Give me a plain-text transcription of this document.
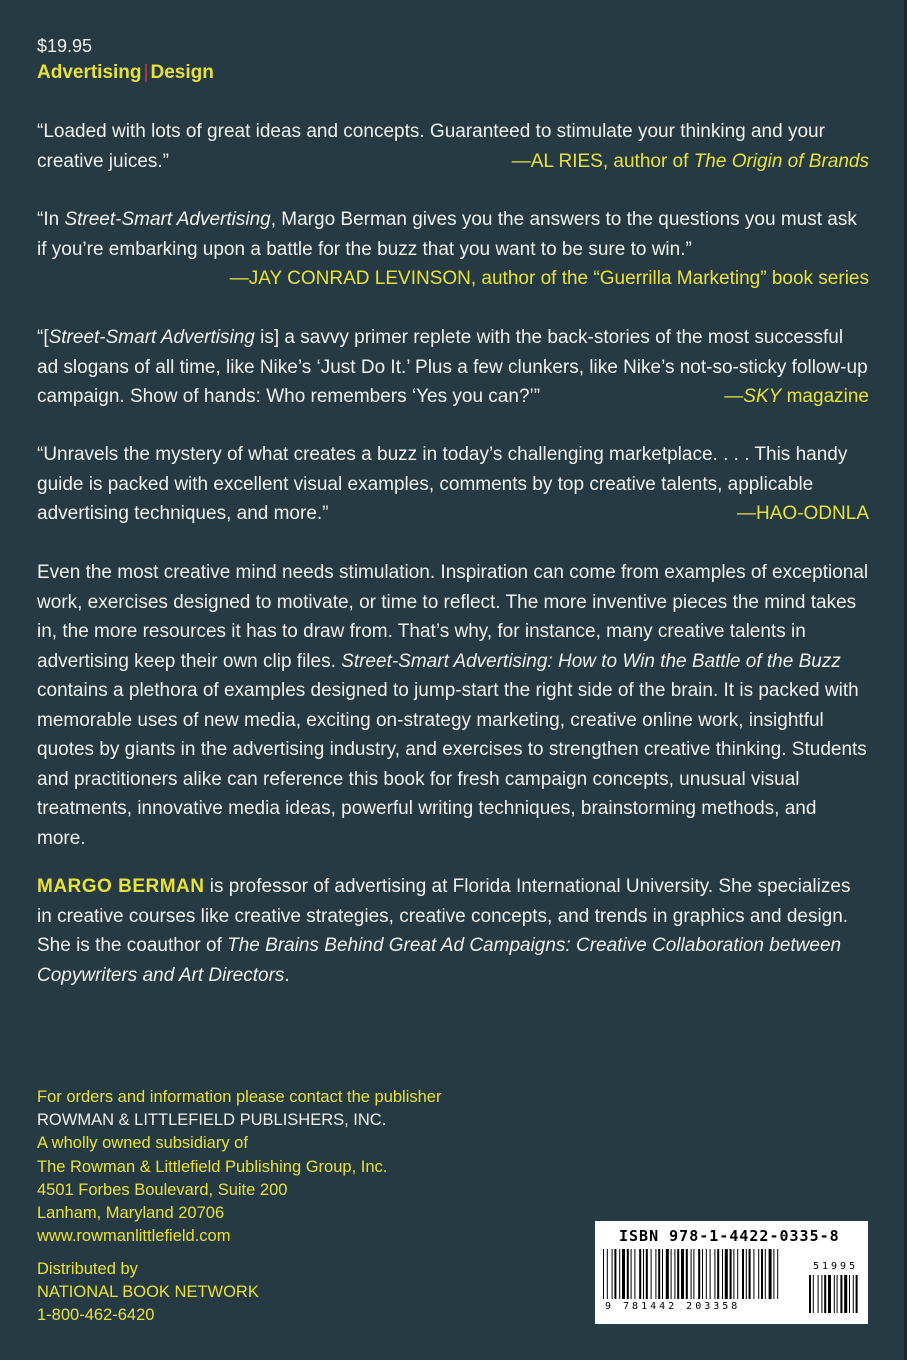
$19.95
Advertising | Design

“Loaded with lots of great ideas and concepts. Guaranteed to stimulate your thinking and your creative juices.”	—AL RIES, author of The Origin of Brands

“In Street-Smart Advertising, Margo Berman gives you the answers to the questions you must ask if you’re embarking upon a battle for the buzz that you want to be sure to win.”

—JAY CONRAD LEVINSON, author of the “Guerrilla Marketing” book series

—SKY magazine
“[Street-Smart Advertising is] a savvy primer replete with the back-stories of the most successful ad slogans of all time, like Nike’s ‘Just Do It.’ Plus a few clunkers, like Nike’s not-so-sticky follow-up campaign. Show of hands: Who remembers ‘Yes you can?’”

“Unravels the mystery of what creates a buzz in today’s challenging marketplace. . . . This handy guide is packed with excellent visual examples, comments by top creative talents, applicable advertising techniques, and more.”	—HAO-ODNLA

Even the most creative mind needs stimulation. Inspiration can come from examples of exceptional work, exercises designed to motivate, or time to reflect. The more inventive pieces the mind takes in, the more resources it has to draw from. That’s why, for instance, many creative talents in advertising keep their own clip files. Street-Smart Advertising: How to Win the Battle of the Buzz contains a plethora of examples designed to jump-start the right side of the brain. It is packed with memorable uses of new media, exciting on-strategy marketing, creative online work, insightful quotes by giants in the advertising industry, and exercises to strengthen creative thinking. Students and practitioners alike can reference this book for fresh campaign concepts, unusual visual treatments, innovative media ideas, powerful writing techniques, brainstorming methods, and more.

MARGO BERMAN is professor of advertising at Florida International University. She specializes in creative courses like creative strategies, creative concepts, and trends in graphics and design. She is the coauthor of The Brains Behind Great Ad Campaigns: Creative Collaboration between Copywriters and Art Directors.

For orders and information please contact the publisher
ROWMAN & LITTLEFIELD PUBLISHERS, INC.
A wholly owned subsidiary of
The Rowman & Littlefield Publishing Group, Inc.
4501 Forbes Boulevard, Suite 200
Lanham, Maryland 20706
www.rowmanlittlefield.com
Distributed by
NATIONAL BOOK NETWORK
1-800-462-6420
ISBN 978-1-4422-0335-8
51995
9 781442 203358
